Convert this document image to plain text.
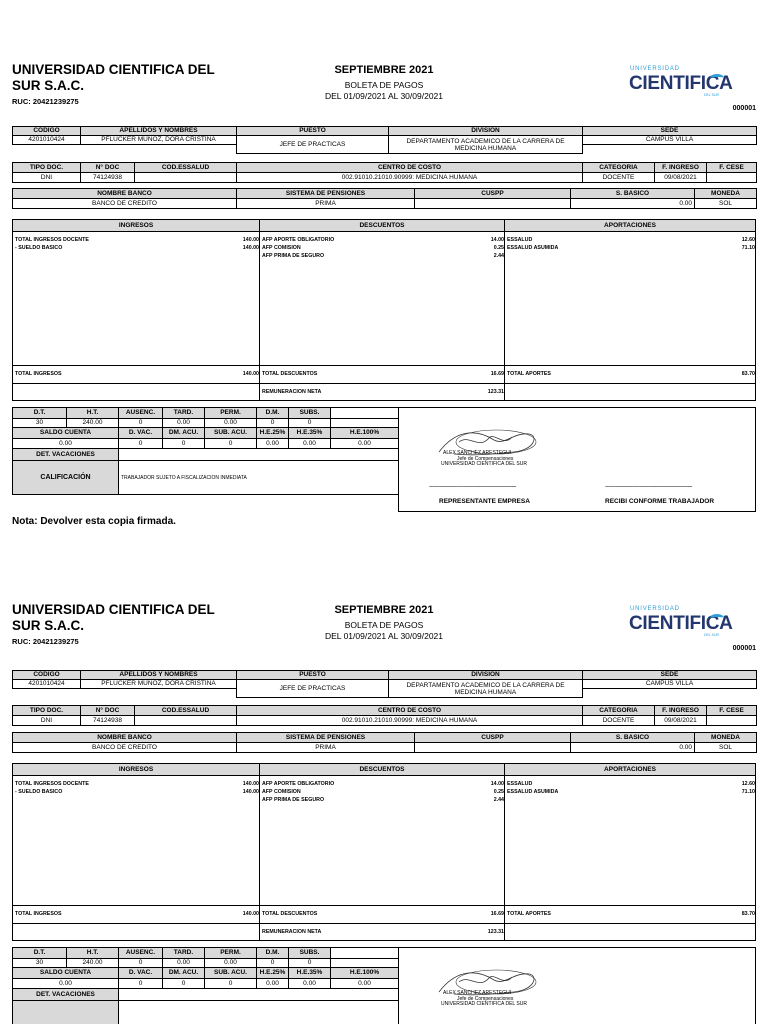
UNIVERSIDAD CIENTIFICA DEL SUR S.A.C.
RUC: 20421239275
SEPTIEMBRE 2021
BOLETA DE PAGOS
DEL 01/09/2021 AL 30/09/2021
000001
UNIVERSIDAD
CIENTIFICA
DEL SUR
CODIGO	APELLIDOS Y NOMBRES	PUESTO	DIVISION	SEDE
4201010424	PFLUCKER MUNOZ, DORA CRISTINA	JEFE DE PRACTICAS	DEPARTAMENTO ACADEMICO DE LA CARRERA DE MEDICINA HUMANA	CAMPUS VILLA

TIPO DOC.	N° DOC	COD.ESSALUD	CENTRO DE COSTO	CATEGORIA	F. INGRESO	F. CESE
DNI	74124938		002.91010.21010.90999: MEDICINA HUMANA	DOCENTE	09/08/2021	
NOMBRE BANCO	SISTEMA DE PENSIONES	CUSPP	S. BASICO	MONEDA
BANCO DE CREDITO	PRIMA		0.00	SOL
INGRESOS
TOTAL INGRESOS DOCENTE	140.00
- SUELDO BASICO	140.00
TOTAL INGRESOS	140.00
DESCUENTOS
AFP APORTE OBLIGATORIO	14.00
AFP COMISION	0.25
AFP PRIMA DE SEGURO	2.44
TOTAL DESCUENTOS	16.69
REMUNERACION NETA	123.31
APORTACIONES
ESSALUD	12.60
ESSALUD ASUMIDA	71.10
TOTAL APORTES	83.70
D.T.	H.T.	AUSENC.	TARD.	PERM.	D.M.	SUBS.	
30	240.00	0	0.00	0.00	0	0	
SALDO CUENTA		D. VAC.	DM. ACU.	SUB. ACU.	H.E.25%	H.E.35%	H.E.100%
0.00		0	0	0	0.00	0.00	0.00
DET. VACACIONES							
CALIFICACIÓN		TRABAJADOR SUJETO A FISCALIZACION INMEDIATA					
ALEX SANCHEZ ARESTEGUI
Jefe de Compensaciones
UNIVERSIDAD CIENTIFICA DEL SUR
----------------------------------------------------------	----------------------------------------------------------
REPRESENTANTE EMPRESA	RECIBI CONFORME TRABAJADOR
Nota: Devolver esta copia firmada.
UNIVERSIDAD CIENTIFICA DEL SUR S.A.C.
RUC: 20421239275
SEPTIEMBRE 2021
BOLETA DE PAGOS
DEL 01/09/2021 AL 30/09/2021
000001
UNIVERSIDAD
CIENTIFICA
DEL SUR
CODIGO	APELLIDOS Y NOMBRES	PUESTO	DIVISION	SEDE
4201010424	PFLUCKER MUNOZ, DORA CRISTINA	JEFE DE PRACTICAS	DEPARTAMENTO ACADEMICO DE LA CARRERA DE MEDICINA HUMANA	CAMPUS VILLA

TIPO DOC.	N° DOC	COD.ESSALUD	CENTRO DE COSTO	CATEGORIA	F. INGRESO	F. CESE
DNI	74124938		002.91010.21010.90999: MEDICINA HUMANA	DOCENTE	09/08/2021	
NOMBRE BANCO	SISTEMA DE PENSIONES	CUSPP	S. BASICO	MONEDA
BANCO DE CREDITO	PRIMA		0.00	SOL
INGRESOS
TOTAL INGRESOS DOCENTE	140.00
- SUELDO BASICO	140.00
TOTAL INGRESOS	140.00
DESCUENTOS
AFP APORTE OBLIGATORIO	14.00
AFP COMISION	0.25
AFP PRIMA DE SEGURO	2.44
TOTAL DESCUENTOS	16.69
REMUNERACION NETA	123.31
APORTACIONES
ESSALUD	12.60
ESSALUD ASUMIDA	71.10
TOTAL APORTES	83.70
D.T.	H.T.	AUSENC.	TARD.	PERM.	D.M.	SUBS.	
30	240.00	0	0.00	0.00	0	0	
SALDO CUENTA		D. VAC.	DM. ACU.	SUB. ACU.	H.E.25%	H.E.35%	H.E.100%
0.00		0	0	0	0.00	0.00	0.00
DET. VACACIONES							
		ALEX SANCHEZ ARESTEGUI
Jefe de Compensaciones
UNIVERSIDAD CIENTIFICA DEL SUR
